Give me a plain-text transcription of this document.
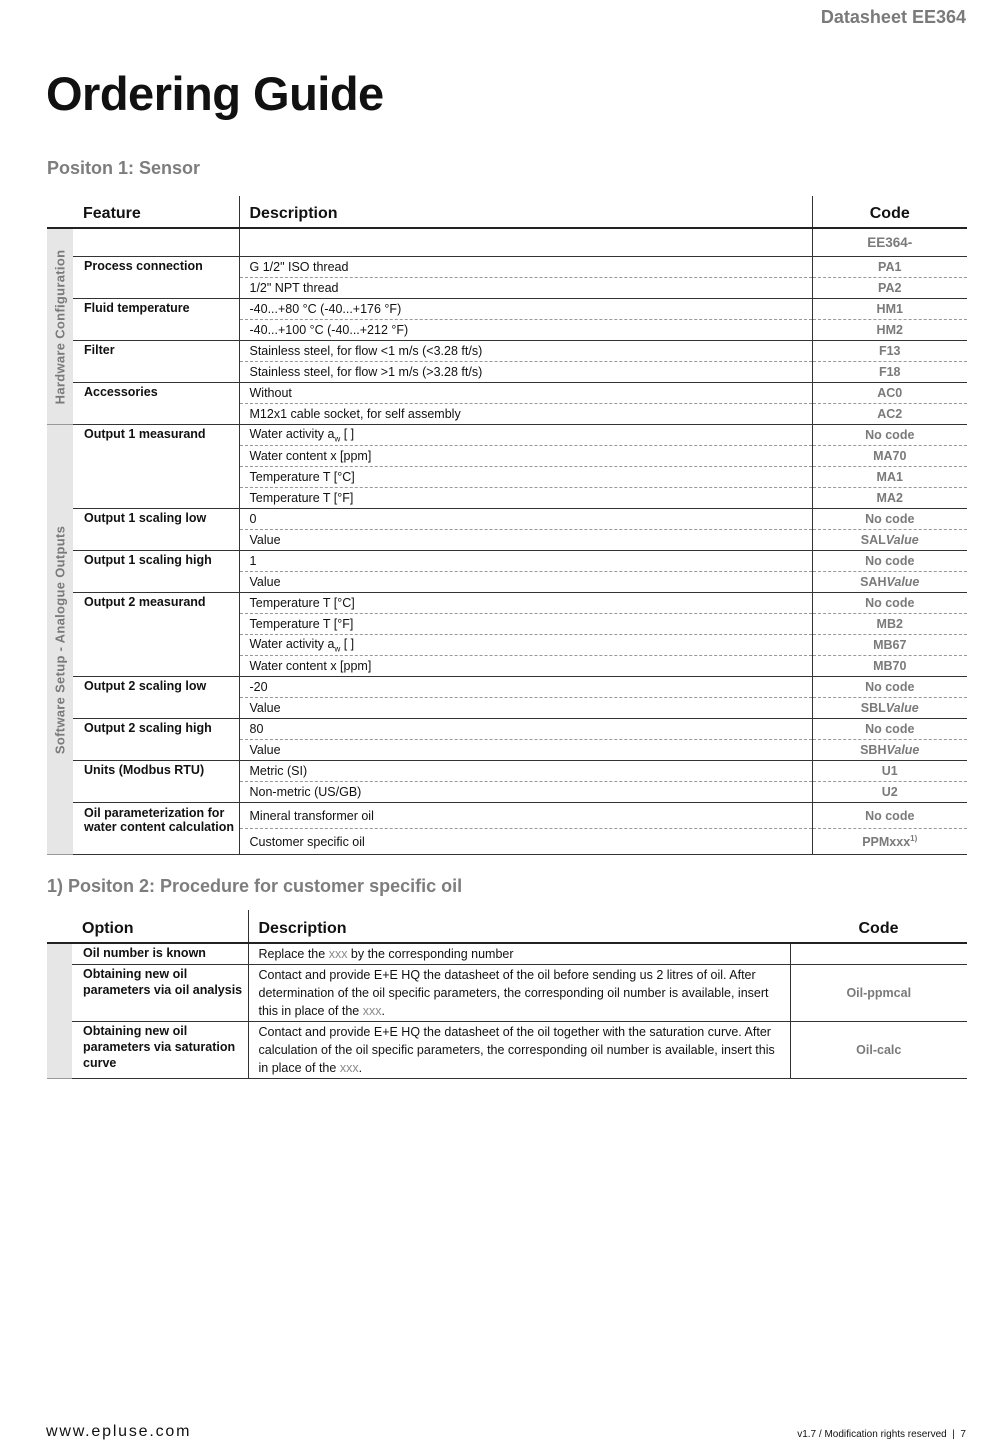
Datasheet EE364
Ordering Guide
Positon 1: Sensor
	Feature	Description	Code

Hardware Configuration			EE364-
	Process connection	G 1/2" ISO thread	PA1
		1/2" NPT thread	PA2
	Fluid temperature	-40...+80 °C (-40...+176 °F)	HM1
		-40...+100 °C (-40...+212 °F)	HM2
	Filter	Stainless steel, for flow <1 m/s (<3.28 ft/s)	F13
		Stainless steel, for flow >1 m/s (>3.28 ft/s)	F18
	Accessories	Without	AC0
		M12x1 cable socket, for self assembly	AC2

Software Setup - Analogue Outputs	Output 1 measurand	Water activity $a_w$ [ ]	No code
		Water content x [ppm]	MA70
		Temperature T [°C]	MA1
		Temperature T [°F]	MA2
	Output 1 scaling low	0	No code
		Value	SALValue
	Output 1 scaling high	1	No code
		Value	SAHValue
	Output 2 measurand	Temperature T [°C]	No code
		Temperature T [°F]	MB2
		Water activity $a_w$ [ ]	MB67
		Water content x [ppm]	MB70
	Output 2 scaling low	-20	No code
		Value	SBLValue
	Output 2 scaling high	80	No code
		Value	SBHValue
	Units (Modbus RTU)	Metric (SI)	U1
		Non-metric (US/GB)	U2
	Oil parameterization for water content calculation	Mineral transformer oil	No code
		Customer specific oil	PPMxxx$^{1)}$
1) Positon 2: Procedure for customer specific oil
	Option	Description	Code
	Oil number is known	Replace the xxx by the corresponding number	
	Obtaining new oil parameters via oil analysis	Contact and provide E+E HQ the datasheet of the oil before sending us 2 litres of oil. After determination of the oil specific parameters, the corresponding oil number is available, insert this in place of the xxx.	Oil-ppmcal
	Obtaining new oil parameters via saturation curve	Contact and provide E+E HQ the datasheet of the oil together with the saturation curve. After calculation of the oil specific parameters, the corresponding oil number is available, insert this in place of the xxx.	Oil-calc
www.epluse.com	v1.7 / Modification rights reserved  |  7
